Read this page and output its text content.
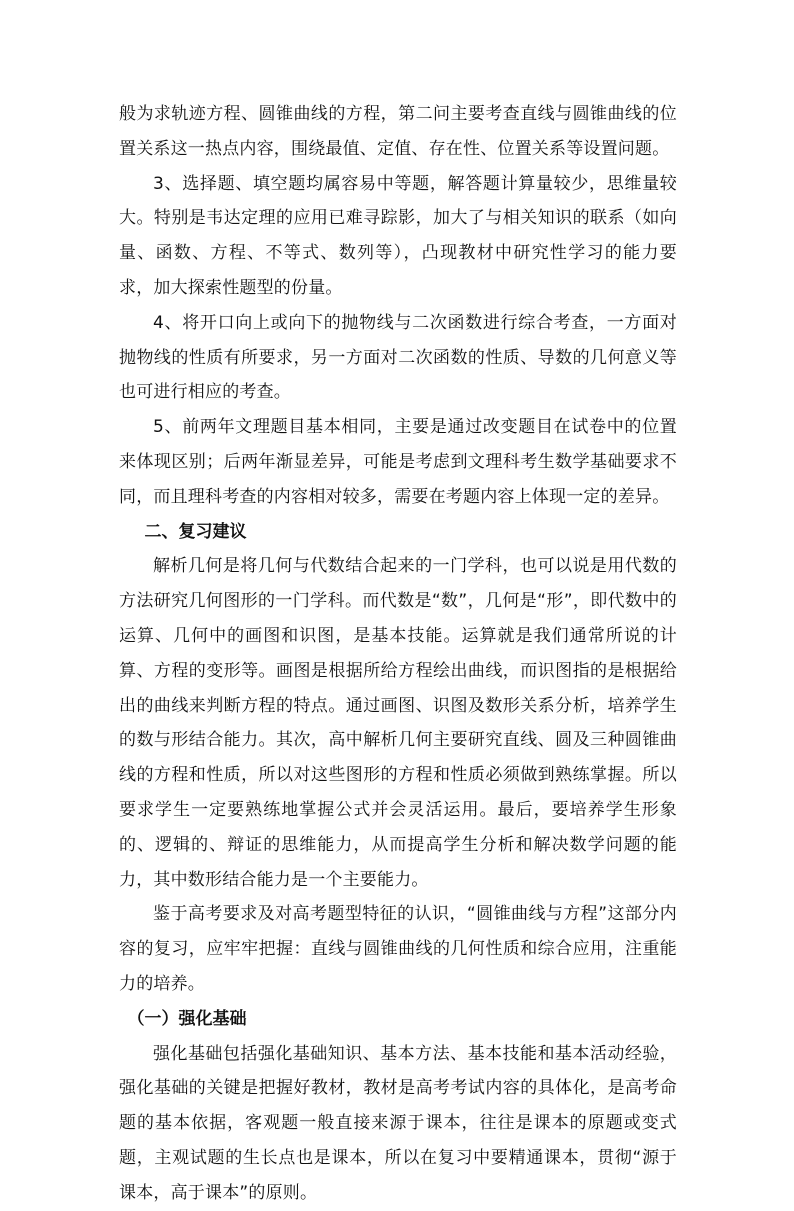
般为求轨迹方程、圆锥曲线的方程，第二问主要考查直线与圆锥曲线的位置关系这一热点内容，围绕最值、定值、存在性、位置关系等设置问题。

3、选择题、填空题均属容易中等题，解答题计算量较少，思维量较大。特别是韦达定理的应用已难寻踪影，加大了与相关知识的联系（如向量、函数、方程、不等式、数列等），凸现教材中研究性学习的能力要求，加大探索性题型的份量。

4、将开口向上或向下的抛物线与二次函数进行综合考查，一方面对抛物线的性质有所要求，另一方面对二次函数的性质、导数的几何意义等也可进行相应的考查。

5、前两年文理题目基本相同，主要是通过改变题目在试卷中的位置来体现区别；后两年渐显差异，可能是考虑到文理科考生数学基础要求不同，而且理科考查的内容相对较多，需要在考题内容上体现一定的差异。

二、复习建议

解析几何是将几何与代数结合起来的一门学科，也可以说是用代数的方法研究几何图形的一门学科。而代数是“数”，几何是“形”，即代数中的运算、几何中的画图和识图，是基本技能。运算就是我们通常所说的计算、方程的变形等。画图是根据所给方程绘出曲线，而识图指的是根据给出的曲线来判断方程的特点。通过画图、识图及数形关系分析，培养学生的数与形结合能力。其次，高中解析几何主要研究直线、圆及三种圆锥曲线的方程和性质，所以对这些图形的方程和性质必须做到熟练掌握。所以要求学生一定要熟练地掌握公式并会灵活运用。最后，要培养学生形象的、逻辑的、辩证的思维能力，从而提高学生分析和解决数学问题的能力，其中数形结合能力是一个主要能力。

鉴于高考要求及对高考题型特征的认识，“圆锥曲线与方程”这部分内容的复习，应牢牢把握：直线与圆锥曲线的几何性质和综合应用，注重能力的培养。

（一）强化基础

强化基础包括强化基础知识、基本方法、基本技能和基本活动经验，强化基础的关键是把握好教材，教材是高考考试内容的具体化，是高考命题的基本依据，客观题一般直接来源于课本，往往是课本的原题或变式题，主观试题的生长点也是课本，所以在复习中要精通课本，贯彻“源于课本，高于课本”的原则。
